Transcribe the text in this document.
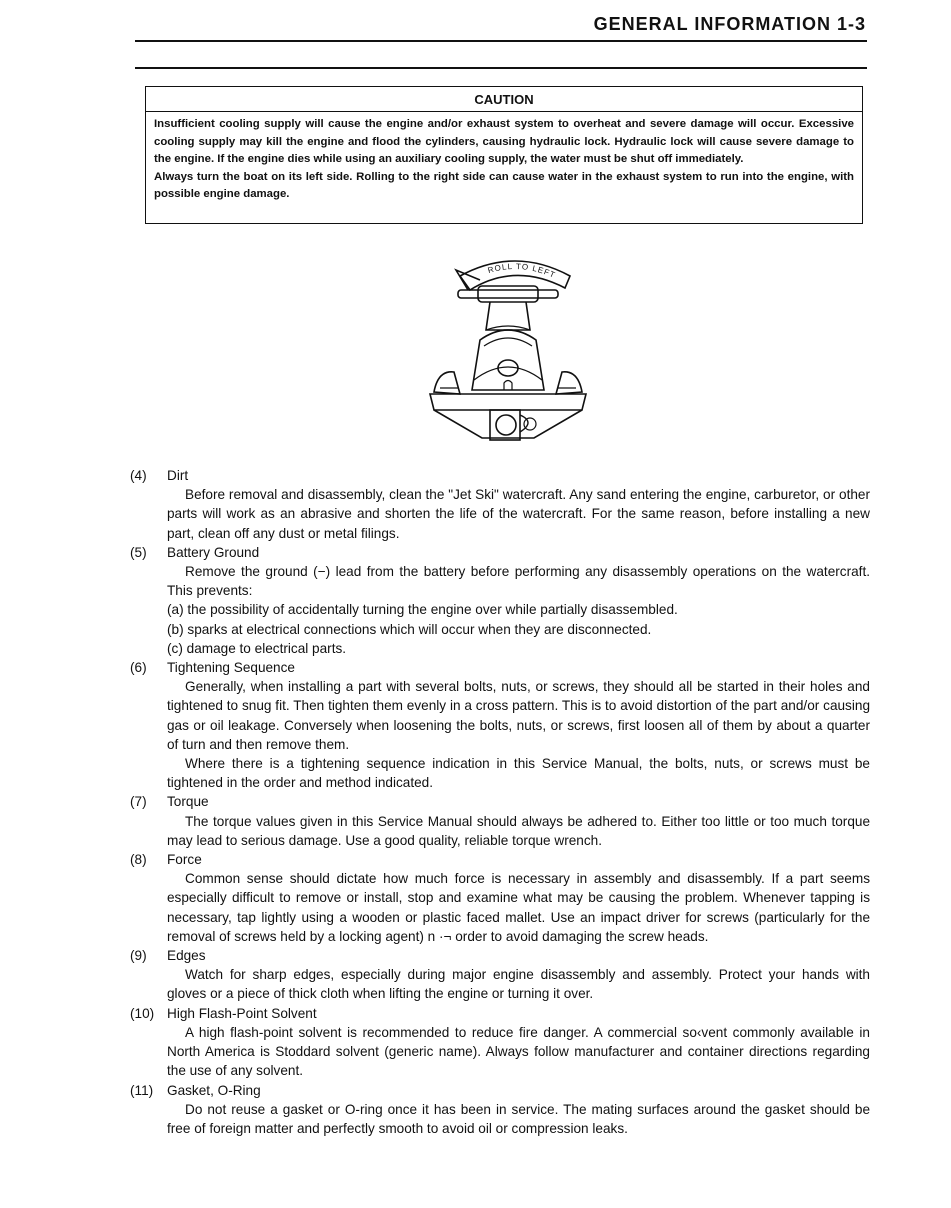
GENERAL INFORMATION 1-3
CAUTION

Insufficient cooling supply will cause the engine and/or exhaust system to overheat and severe damage will occur. Excessive cooling supply may kill the engine and flood the cylinders, causing hydraulic lock. Hydraulic lock will cause severe damage to the engine. If the engine dies while using an auxiliary cooling supply, the water must be shut off immediately.

Always turn the boat on its left side. Rolling to the right side can cause water in the exhaust system to run into the engine, with possible engine damage.

ROLL TO LEFT
(4)	Dirt
Before removal and disassembly, clean the "Jet Ski" watercraft. Any sand entering the engine, carburetor, or other parts will work as an abrasive and shorten the life of the watercraft. For the same reason, before installing a new part, clean off any dust or metal filings.
(5)	Battery Ground
Remove the ground (−) lead from the battery before performing any disassembly operations on the watercraft. This prevents:
(a) the possibility of accidentally turning the engine over while partially disassembled.
(b) sparks at electrical connections which will occur when they are disconnected.
(c) damage to electrical parts.
(6)	Tightening Sequence
Generally, when installing a part with several bolts, nuts, or screws, they should all be started in their holes and tightened to snug fit. Then tighten them evenly in a cross pattern. This is to avoid distortion of the part and/or causing gas or oil leakage. Conversely when loosening the bolts, nuts, or screws, first loosen all of them by about a quarter of turn and then remove them.
Where there is a tightening sequence indication in this Service Manual, the bolts, nuts, or screws must be tightened in the order and method indicated.
(7)	Torque
The torque values given in this Service Manual should always be adhered to. Either too little or too much torque may lead to serious damage. Use a good quality, reliable torque wrench.
(8)	Force
Common sense should dictate how much force is necessary in assembly and disassembly. If a part seems especially difficult to remove or install, stop and examine what may be causing the problem. Whenever tapping is necessary, tap lightly using a wooden or plastic faced mallet. Use an impact driver for screws (particularly for the removal of screws held by a locking agent) n ·¬ order to avoid damaging the screw heads.
(9)	Edges
Watch for sharp edges, especially during major engine disassembly and assembly. Protect your hands with gloves or a piece of thick cloth when lifting the engine or turning it over.
(10) High Flash-Point Solvent
A high flash-point solvent is recommended to reduce fire danger. A commercial so‹vent commonly available in North America is Stoddard solvent (generic name). Always follow manufacturer and container directions regarding the use of any solvent.
(11)	Gasket, O-Ring
Do not reuse a gasket or O-ring once it has been in service. The mating surfaces around the gasket should be free of foreign matter and perfectly smooth to avoid oil or compression leaks.
